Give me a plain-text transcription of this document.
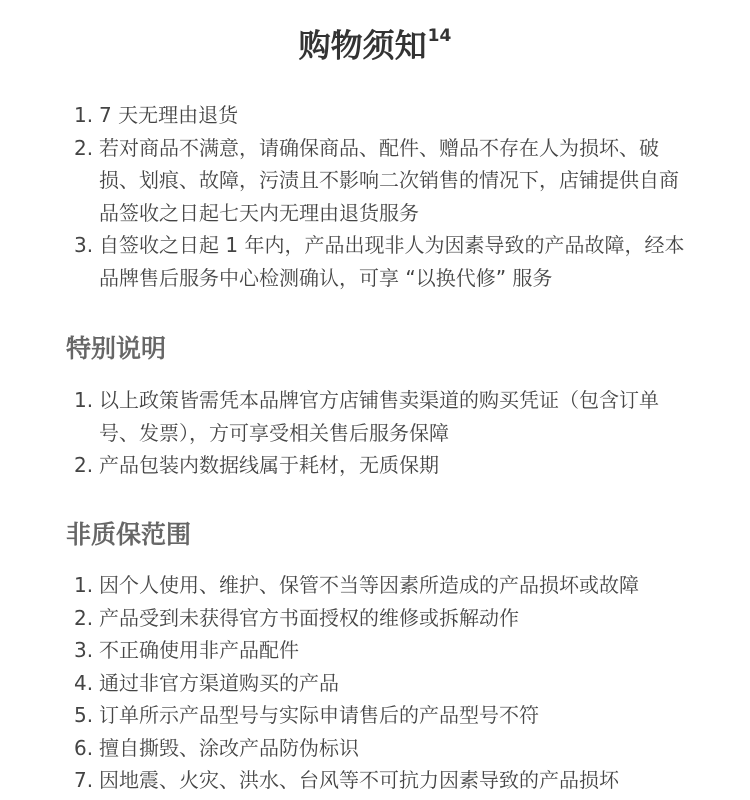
购物须知$^{14}$
1. 7 天无理由退货
2. 若对商品不满意，请确保商品、配件、赠品不存在人为损坏、破损、划痕、故障，污渍且不影响二次销售的情况下，店铺提供自商品签收之日起七天内无理由退货服务
3. 自签收之日起 1 年内，产品出现非人为因素导致的产品故障，经本品牌售后服务中心检测确认，可享 “以换代修” 服务
特别说明
1. 以上政策皆需凭本品牌官方店铺售卖渠道的购买凭证（包含订单号、发票），方可享受相关售后服务保障
2. 产品包装内数据线属于耗材，无质保期
非质保范围
1. 因个人使用、维护、保管不当等因素所造成的产品损坏或故障
2. 产品受到未获得官方书面授权的维修或拆解动作
3. 不正确使用非产品配件
4. 通过非官方渠道购买的产品
5. 订单所示产品型号与实际申请售后的产品型号不符
6. 擅自撕毁、涂改产品防伪标识
7. 因地震、火灾、洪水、台风等不可抗力因素导致的产品损坏
